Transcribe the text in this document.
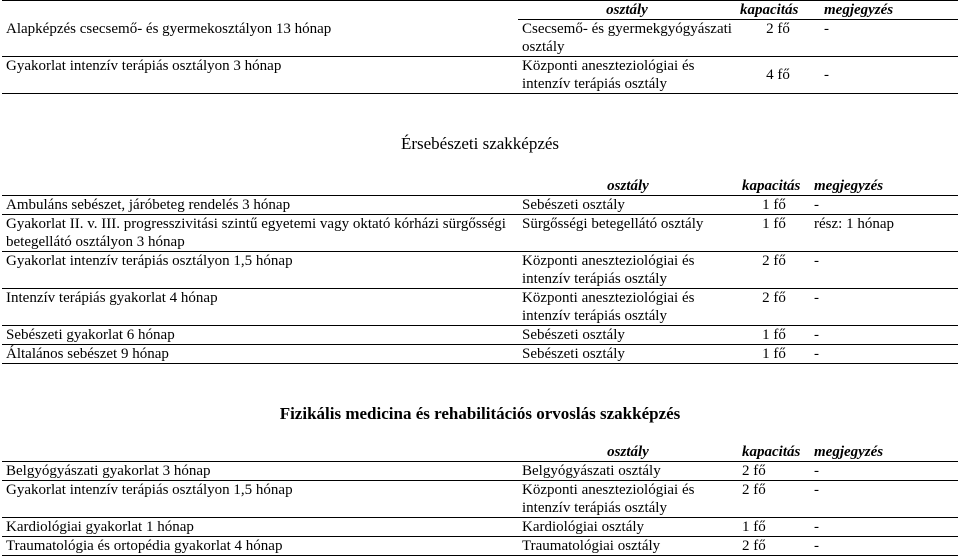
	osztály	kapacitás	megjegyzés
Alapképzés csecsemő- és gyermekosztályon 13 hónap	Csecsemő- és gyermekgyógyászati osztály	2 fő	-
Gyakorlat intenzív terápiás osztályon 3 hónap	Központi aneszteziológiai és intenzív terápiás osztály	4 fő	-
Érsebészeti szakképzés
	osztály	kapacitás	megjegyzés
Ambuláns sebészet, járóbeteg rendelés 3 hónap	Sebészeti osztály	1 fő	-
Gyakorlat II. v. III. progresszivitási szintű egyetemi vagy oktató kórházi sürgősségi betegellátó osztályon 3 hónap	Sürgősségi betegellátó osztály	1 fő	rész: 1 hónap
Gyakorlat intenzív terápiás osztályon 1,5 hónap	Központi aneszteziológiai és intenzív terápiás osztály	2 fő	-
Intenzív terápiás gyakorlat 4 hónap	Központi aneszteziológiai és intenzív terápiás osztály	2 fő	-
Sebészeti gyakorlat 6 hónap	Sebészeti osztály	1 fő	-
Általános sebészet 9 hónap	Sebészeti osztály	1 fő	-
Fizikális medicina és rehabilitációs orvoslás szakképzés
	osztály	kapacitás	megjegyzés
Belgyógyászati gyakorlat 3 hónap	Belgyógyászati osztály	2 fő	-
Gyakorlat intenzív terápiás osztályon 1,5 hónap	Központi aneszteziológiai és intenzív terápiás osztály	2 fő	-
Kardiológiai gyakorlat 1 hónap	Kardiológiai osztály	1 fő	-
Traumatológia és ortopédia gyakorlat 4 hónap	Traumatológiai osztály	2 fő	-
